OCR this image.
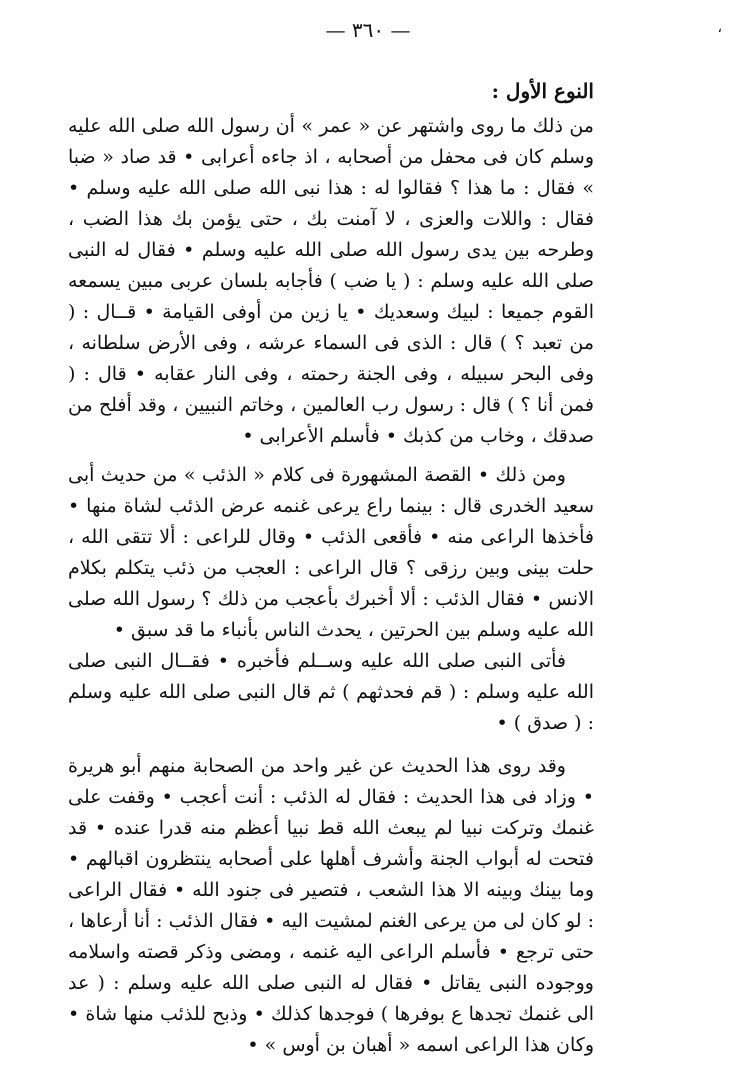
— ٣٦٠ —	،

النوع الأول :

من ذلك ما روى واشتهر عن « عمر » أن رسول الله صلى الله عليه وسلم كان فى محفل من أصحابه ، اذ جاءه أعرابى • قد صاد « ضبا » فقال : ما هذا ؟ فقالوا له : هذا نبى الله صلى الله عليه وسلم • فقال : واللات والعزى ، لا آمنت بك ، حتى يؤمن بك هذا الضب ، وطرحه بين يدى رسول الله صلى الله عليه وسلم • فقال له النبى صلى الله عليه وسلم : ( يا ضب ) فأجابه بلسان عربى مبين يسمعه القوم جميعا : لبيك وسعديك • يا زين من أوفى القيامة • قــال : ( من تعبد ؟ ) قال : الذى فى السماء عرشه ، وفى الأرض سلطانه ، وفى البحر سبيله ، وفى الجنة رحمته ، وفى النار عقابه • قال : ( فمن أنا ؟ ) قال : رسول رب العالمين ، وخاتم النبيين ، وقد أفلح من صدقك ، وخاب من كذبك • فأسلم الأعرابى •

ومن ذلك • القصة المشهورة فى كلام « الذئب » من حديث أبى سعيد الخدرى قال : بينما راع يرعى غنمه عرض الذئب لشاة منها • فأخذها الراعى منه • فأقعى الذئب • وقال للراعى : ألا تتقى الله ، حلت بينى وبين رزقى ؟ قال الراعى : العجب من ذئب يتكلم بكلام الانس • فقال الذئب : ألا أخبرك بأعجب من ذلك ؟ رسول الله صلى الله عليه وسلم بين الحرتين ، يحدث الناس بأنباء ما قد سبق •

فأتى النبى صلى الله عليه وســلم فأخبره • فقــال النبى صلى الله عليه وسلم : ( قم فحدثهم ) ثم قال النبى صلى الله عليه وسلم : ( صدق ) •

وقد روى هذا الحديث عن غير واحد من الصحابة منهم أبو هريرة • وزاد فى هذا الحديث : فقال له الذئب : أنت أعجب • وقفت على غنمك وتركت نبيا لم يبعث الله قط نبيا أعظم منه قدرا عنده • قد فتحت له أبواب الجنة وأشرف أهلها على أصحابه ينتظرون اقبالهم • وما بينك وبينه الا هذا الشعب ، فتصير فى جنود الله • فقال الراعى : لو كان لى من يرعى الغنم لمشيت اليه • فقال الذئب : أنا أرعاها ، حتى ترجع • فأسلم الراعى اليه غنمه ، ومضى وذكر قصته واسلامه ووجوده النبى يقاتل • فقال له النبى صلى الله عليه وسلم : ( عد الى غنمك تجدها ع بوفرها ) فوجدها كذلك • وذبح للذئب منها شاة • وكان هذا الراعى اسمه « أهبان بن أوس » •
